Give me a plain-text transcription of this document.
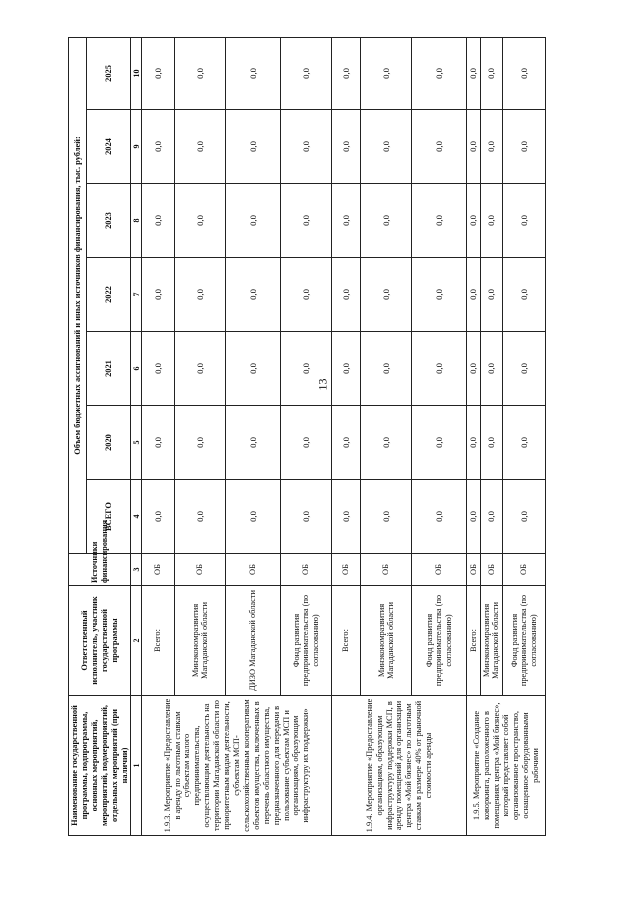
13
Наименование государственной программы, подпрограммы, основных мероприятий, мероприятий, подмероприятий, отдельных мероприятий (при наличии)	Ответственный исполнитель, участник государственной программы	Источники финансирования	Объем бюджетных ассигнований и иных источников финансирования, тыс. рублей:						
			ВСЕГО	2020	2021	2022	2023	2024	2025
1	2	3	4	5	6	7	8	9	10
1.9.3. Мероприятие «Предоставление в аренду по льготным ставкам субъектам малого предпринимательства, осуществляющим деятельность на территории Магаданской области по приоритетным видам деятельности, субъектам МСП-сельскохозяйственным кооперативам объектов имущества, включенных в перечень областного имущества, предназначенного для передачи в пользование субъектам МСП и организациям, образующим инфраструктуру их поддержки»	Всего:	ОБ	0,0	0,0	0,0	0,0	0,0	0,0	0,0
	Минэкономразвития Магаданской области	ОБ	0,0	0,0	0,0	0,0	0,0	0,0	0,0
	ДИЗО Магаданской области	ОБ	0,0	0,0	0,0	0,0	0,0	0,0	0,0
	Фонд развития предпринимательства (по согласованию)	ОБ	0,0	0,0	0,0	0,0	0,0	0,0	0,0
1.9.4. Мероприятие «Предоставление организациям, образующим инфраструктуру поддержки МСП, в аренду помещений для организации центра «Мой бизнес» по льготным ставкам в размере 40% от рыночной стоимости аренды	Всего:	ОБ	0,0	0,0	0,0	0,0	0,0	0,0	0,0
	Минэкономразвития Магаданской области	ОБ	0,0	0,0	0,0	0,0	0,0	0,0	0,0
	Фонд развития предпринимательства (по согласованию)	ОБ	0,0	0,0	0,0	0,0	0,0	0,0	0,0
1.9.5. Мероприятие «Создание коворкинга, расположенного в помещениях центра «Мой бизнес», который представляет собой организованное пространство, оснащенное оборудованными рабочими	Всего:	ОБ	0,0	0,0	0,0	0,0	0,0	0,0	0,0
	Минэкономразвития Магаданской области	ОБ	0,0	0,0	0,0	0,0	0,0	0,0	0,0
	Фонд развития предпринимательства (по согласованию)	ОБ	0,0	0,0	0,0	0,0	0,0	0,0	0,0
